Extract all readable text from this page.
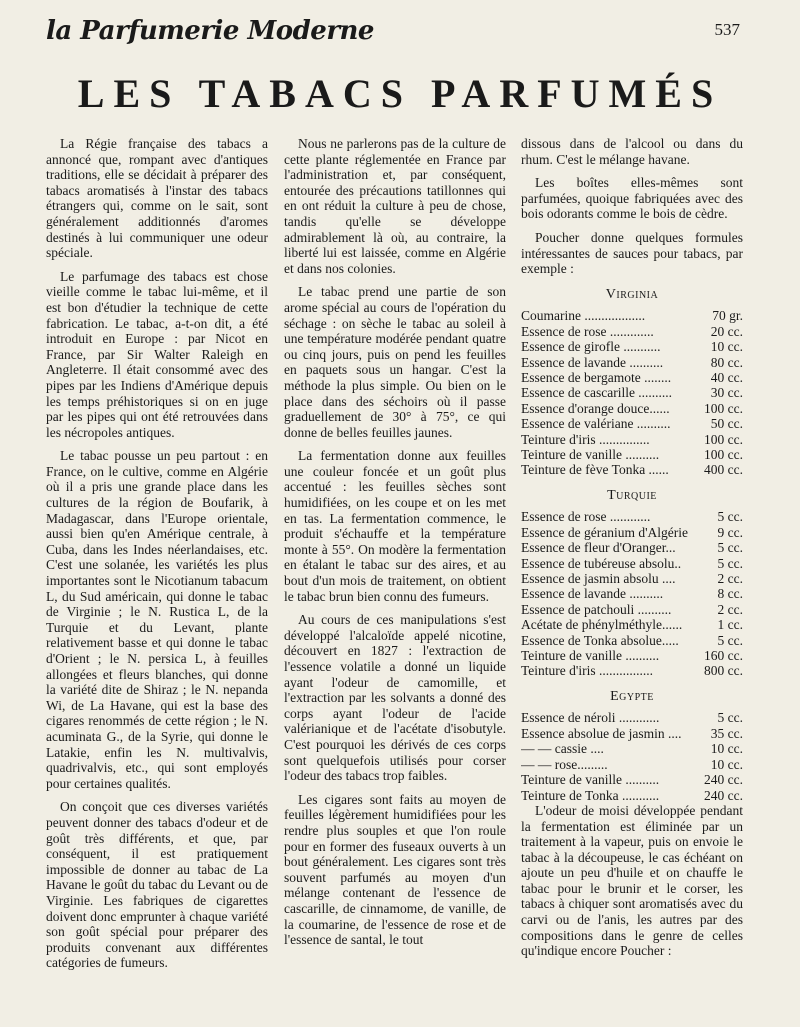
la Parfumerie Moderne	537
LES TABACS PARFUMÉS

La Régie française des tabacs a annoncé que, rompant avec d'antiques traditions, elle se décidait à préparer des tabacs aromatisés à l'instar des tabacs étrangers qui, comme on le sait, sont généralement additionnés d'aromes destinés à lui communiquer une odeur spéciale.

Le parfumage des tabacs est chose vieille comme le tabac lui-même, et il est bon d'étudier la technique de cette fabrication. Le tabac, a-t-on dit, a été introduit en Europe : par Nicot en France, par Sir Walter Raleigh en Angleterre. Il était consommé avec des pipes par les Indiens d'Amérique depuis les temps préhistoriques si on en juge par les pipes qui ont été retrouvées dans les nécropoles antiques.

Le tabac pousse un peu partout : en France, on le cultive, comme en Algérie où il a pris une grande place dans les cultures de la région de Boufarik, à Madagascar, dans l'Europe orientale, aussi bien qu'en Amérique centrale, à Cuba, dans les Indes néerlandaises, etc. C'est une solanée, les variétés les plus importantes sont le Nicotianum tabacum L, du Sud américain, qui donne le tabac de Virginie ; le N. Rustica L, de la Turquie et du Levant, plante relativement basse et qui donne le tabac d'Orient ; le N. persica L, à feuilles allongées et fleurs blanches, qui donne la variété dite de Shiraz ; le N. nepanda Wi, de La Havane, qui est la base des cigares renommés de cette région ; le N. acuminata G., de la Syrie, qui donne le Latakie, enfin les N. multivalvis, quadrivalvis, etc., qui sont employés pour certaines qualités.

On conçoit que ces diverses variétés peuvent donner des tabacs d'odeur et de goût très différents, et que, par conséquent, il est pratiquement impossible de donner au tabac de La Havane le goût du tabac du Levant ou de Virginie. Les fabriques de cigarettes doivent donc emprunter à chaque variété son goût spécial pour préparer des produits convenant aux différentes catégories de fumeurs.

Nous ne parlerons pas de la culture de cette plante réglementée en France par l'administration et, par conséquent, entourée des précautions tatillonnes qui en ont réduit la culture à peu de chose, tandis qu'elle se développe admirablement là où, au contraire, la liberté lui est laissée, comme en Algérie et dans nos colonies.

Le tabac prend une partie de son arome spécial au cours de l'opération du séchage : on sèche le tabac au soleil à une température modérée pendant quatre ou cinq jours, puis on pend les feuilles en paquets sous un hangar. C'est la méthode la plus simple. Ou bien on le place dans des séchoirs où il passe graduellement de 30° à 75°, ce qui donne de belles feuilles jaunes.

La fermentation donne aux feuilles une couleur foncée et un goût plus accentué : les feuilles sèches sont humidifiées, on les coupe et on les met en tas. La fermentation commence, le produit s'échauffe et la température monte à 55°. On modère la fermentation en étalant le tabac sur des aires, et au bout d'un mois de traitement, on obtient le tabac brun bien connu des fumeurs.

Au cours de ces manipulations s'est développé l'alcaloïde appelé nicotine, découvert en 1827 : l'extraction de l'essence volatile a donné un liquide ayant l'odeur de camomille, et l'extraction par les solvants a donné des corps ayant l'odeur de l'acide valérianique et de l'acétate d'isobutyle. C'est pourquoi les dérivés de ces corps sont quelquefois utilisés pour corser l'odeur des tabacs trop faibles.

Les cigares sont faits au moyen de feuilles légèrement humidifiées pour les rendre plus souples et que l'on roule pour en former des fuseaux ouverts à un bout généralement. Les cigares sont très souvent parfumés au moyen d'un mélange contenant de l'essence de cascarille, de cinnamome, de vanille, de la coumarine, de l'essence de rose et de l'essence de santal, le tout

dissous dans de l'alcool ou dans du rhum. C'est le mélange havane.

Les boîtes elles-mêmes sont parfumées, quoique fabriquées avec des bois odorants comme le bois de cèdre.

Poucher donne quelques formules intéressantes de sauces pour tabacs, par exemple :

Virginia
Coumarine ..................	70 gr.
Essence de rose .............	20 cc.
Essence de girofle ...........	10 cc.
Essence de lavande ..........	80 cc.
Essence de bergamote ........	40 cc.
Essence de cascarille ..........	30 cc.
Essence d'orange douce......	100 cc.
Essence de valériane ..........	50 cc.
Teinture d'iris ...............	100 cc.
Teinture de vanille ..........	100 cc.
Teinture de fève Tonka ......	400 cc.
Turquie
Essence de rose ............	5 cc.
Essence de géranium d'Algérie	9 cc.
Essence de fleur d'Oranger...	5 cc.
Essence de tubéreuse absolu..	5 cc.
Essence de jasmin absolu ....	2 cc.
Essence de lavande ..........	8 cc.
Essence de patchouli ..........	2 cc.
Acétate de phénylméthyle......	1 cc.
Essence de Tonka absolue.....	5 cc.
Teinture de vanille ..........	160 cc.
Teinture d'iris ................	800 cc.
Egypte
Essence de néroli ............	5 cc.
Essence absolue de jasmin ....	35 cc.
— — cassie ....	10 cc.
— — rose.........	10 cc.
Teinture de vanille ..........	240 cc.
Teinture de Tonka ...........	240 cc.

L'odeur de moisi développée pendant la fermentation est éliminée par un traitement à la vapeur, puis on envoie le tabac à la découpeuse, le cas échéant on ajoute un peu d'huile et on chauffe le tabac pour le brunir et le corser, les tabacs à chiquer sont aromatisés avec du carvi ou de l'anis, les autres par des compositions dans le genre de celles qu'indique encore Poucher :
